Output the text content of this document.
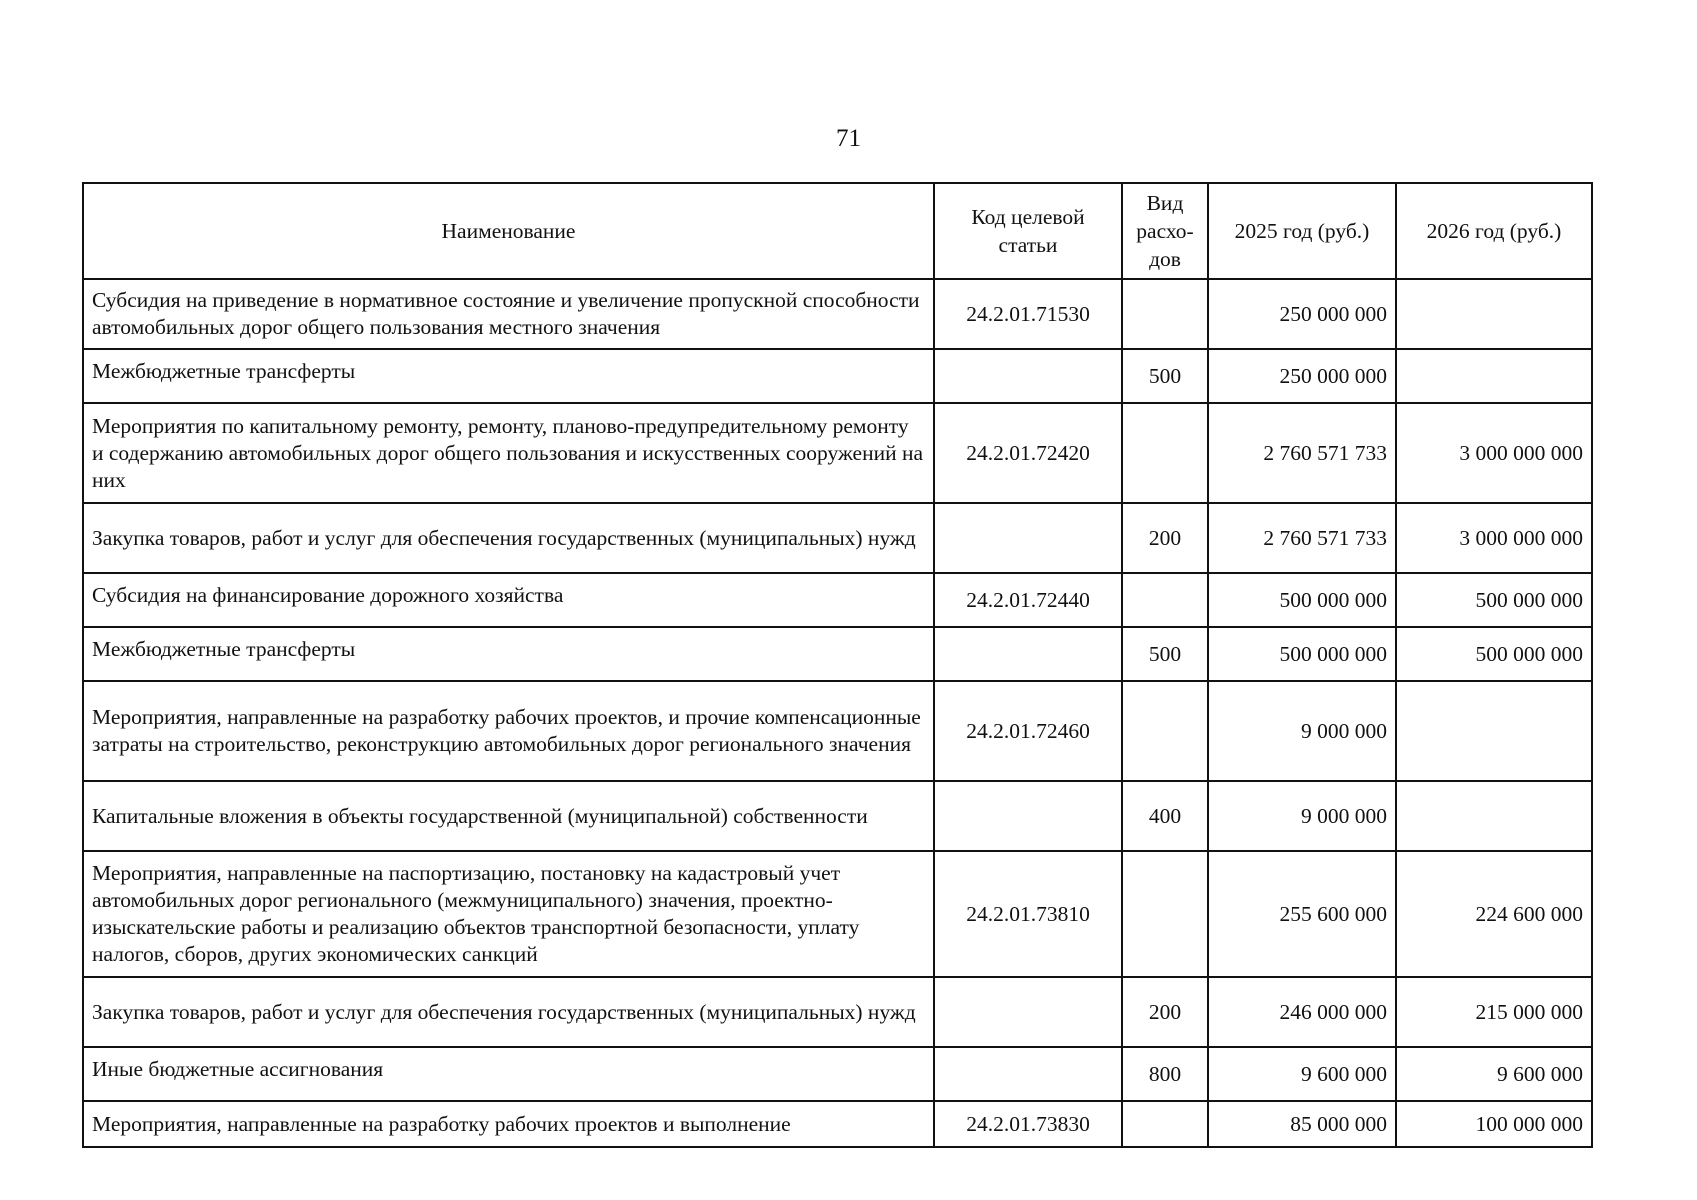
71
Наименование	Код целевой статьи	Вид расхо-дов	2025 год (руб.)	2026 год (руб.)
Субсидия на приведение в нормативное состояние и увеличение пропускной способности автомобильных дорог общего пользования местного значения	24.2.01.71530		250 000 000	
Межбюджетные трансферты		500	250 000 000	
Мероприятия по капитальному ремонту, ремонту, планово-предупредительному ремонту и содержанию автомобильных дорог общего пользования и искусственных сооружений на них	24.2.01.72420		2 760 571 733	3 000 000 000
Закупка товаров, работ и услуг для обеспечения государственных (муниципальных) нужд		200	2 760 571 733	3 000 000 000
Субсидия на финансирование дорожного хозяйства	24.2.01.72440		500 000 000	500 000 000
Межбюджетные трансферты		500	500 000 000	500 000 000
Мероприятия, направленные на разработку рабочих проектов, и прочие компенсационные затраты на строительство, реконструкцию автомобильных дорог регионального значения	24.2.01.72460		9 000 000	
Капитальные вложения в объекты государственной (муниципальной) собственности		400	9 000 000	
Мероприятия, направленные на паспортизацию, постановку на кадастровый учет автомобильных дорог регионального (межмуниципального) значения, проектно-изыскательские работы и реализацию объектов транспортной безопасности, уплату налогов, сборов, других экономических санкций	24.2.01.73810		255 600 000	224 600 000
Закупка товаров, работ и услуг для обеспечения государственных (муниципальных) нужд		200	246 000 000	215 000 000
Иные бюджетные ассигнования		800	9 600 000	9 600 000
Мероприятия, направленные на разработку рабочих проектов и выполнение	24.2.01.73830		85 000 000	100 000 000
